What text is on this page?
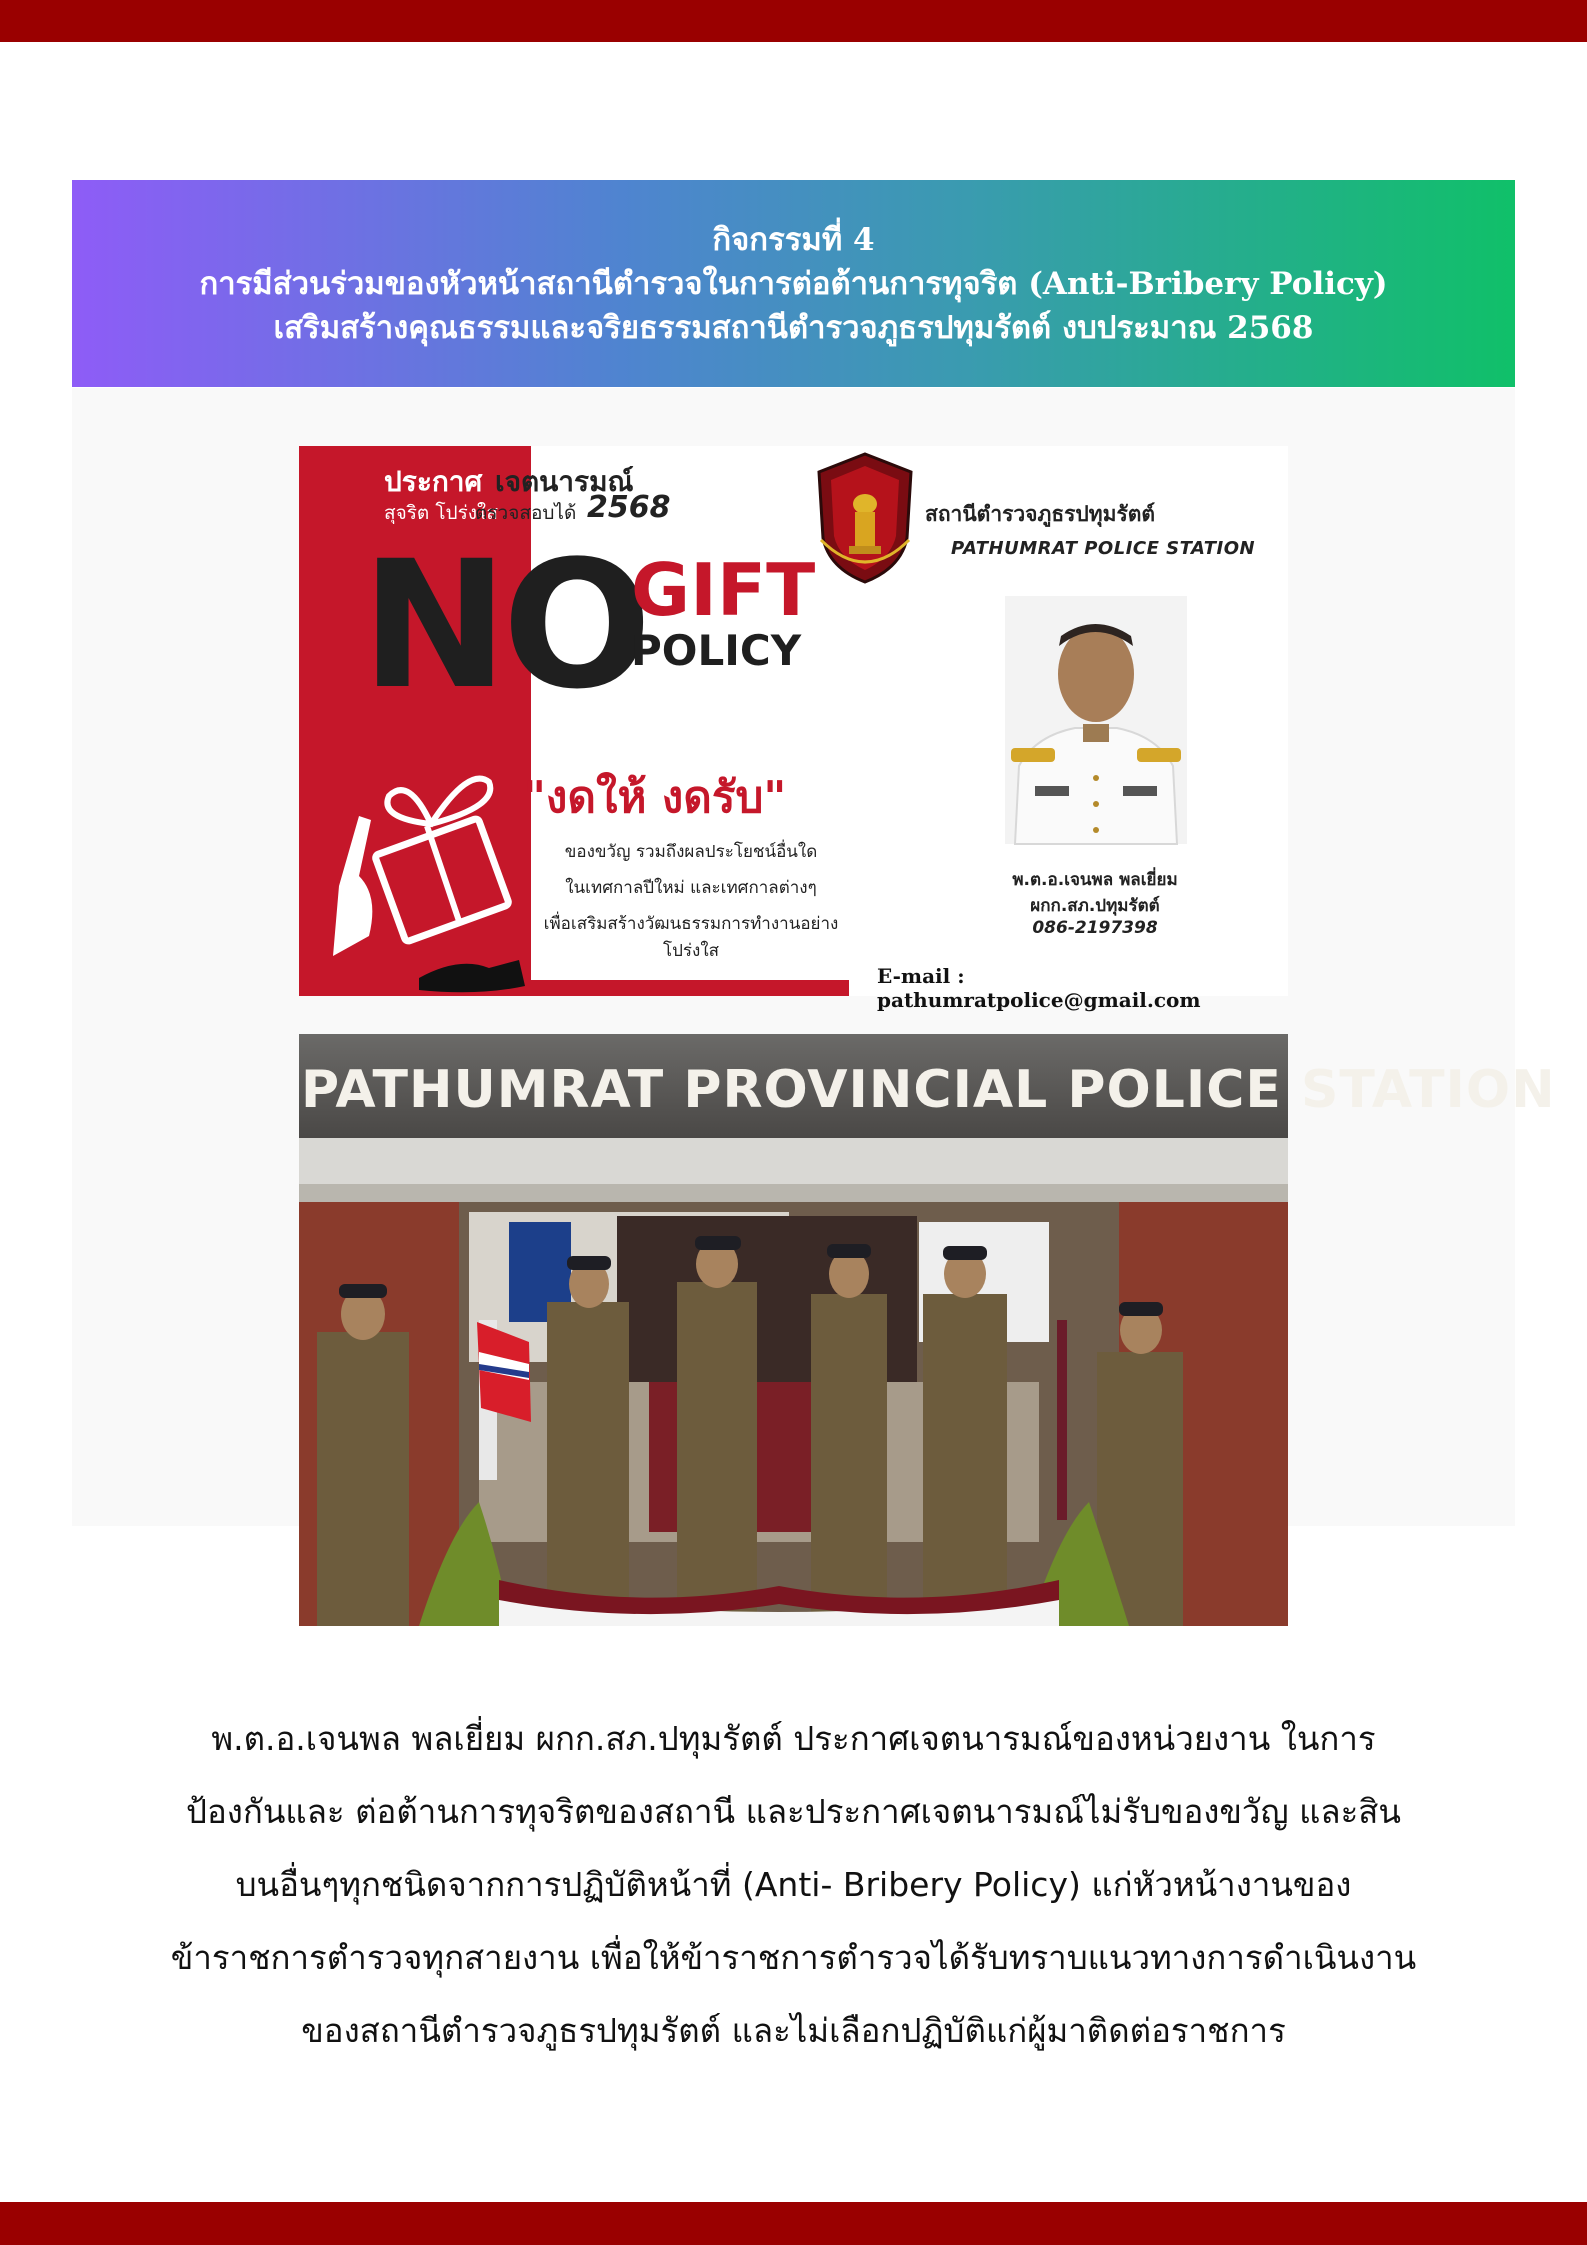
กิจกรรมที่ 4
การมีส่วนร่วมของหัวหน้าสถานีตำรวจในการต่อต้านการทุจริต (Anti-Bribery Policy)
เสริมสร้างคุณธรรมและจริยธรรมสถานีตำรวจภูธรปทุมรัตต์ งบประมาณ 2568
ประกาศ เจตนารมณ์
สุจริต โปร่งใส
ตรวจสอบได้ 2568
NO
GIFT
POLICY
"งดให้ งดรับ"
ของขวัญ รวมถึงผลประโยชน์อื่นใด
ในเทศกาลปีใหม่ และเทศกาลต่างๆ
เพื่อเสริมสร้างวัฒนธรรมการทำงานอย่างโปร่งใส
สถานีตำรวจภูธรปทุมรัตต์
PATHUMRAT POLICE STATION
พ.ต.อ.เจนพล พลเยี่ยม
ผกก.สภ.ปทุมรัตต์
086-2197398
E-mail : pathumratpolice@gmail.com
PATHUMRAT PROVINCIAL POLICE STATION
พ.ต.อ.เจนพล พลเยี่ยม ผกก.สภ.ปทุมรัตต์ ประกาศเจตนารมณ์ของหน่วยงาน ในการ
ป้องกันและ ต่อต้านการทุจริตของสถานี และประกาศเจตนารมณ์ไม่รับของขวัญ และสิน
บนอื่นๆทุกชนิดจากการปฏิบัติหน้าที่ (Anti- Bribery Policy) แก่หัวหน้างานของ
ข้าราชการตำรวจทุกสายงาน เพื่อให้ข้าราชการตำรวจได้รับทราบแนวทางการดำเนินงาน
ของสถานีตำรวจภูธรปทุมรัตต์ และไม่เลือกปฏิบัติแก่ผู้มาติดต่อราชการ
